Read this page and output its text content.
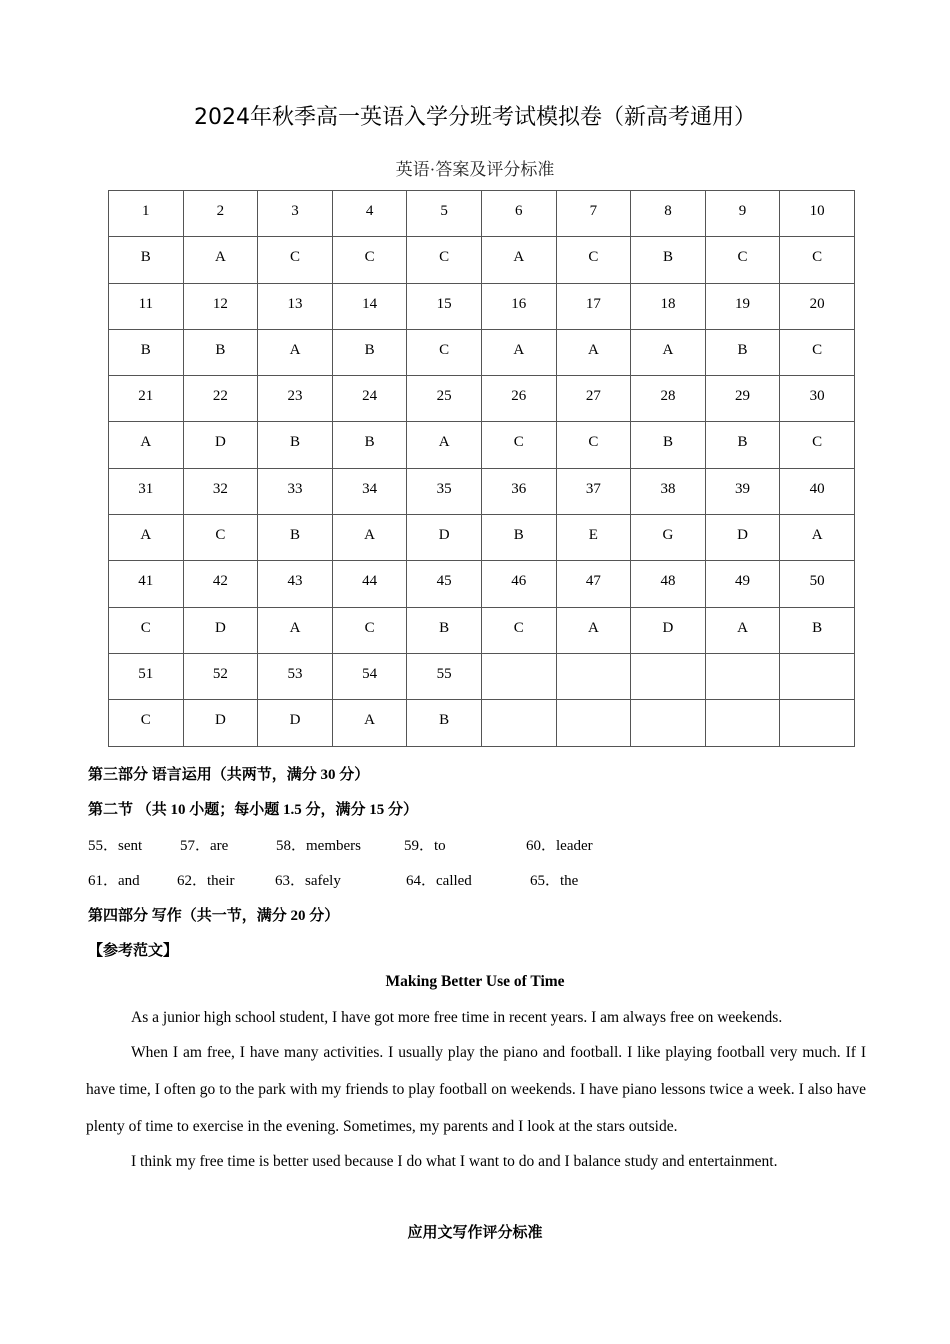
2024年秋季高一英语入学分班考试模拟卷（新高考通用）
英语·答案及评分标准
1	2	3	4	5	6	7	8	9	10
B	A	C	C	C	A	C	B	C	C
11	12	13	14	15	16	17	18	19	20
B	B	A	B	C	A	A	A	B	C
21	22	23	24	25	26	27	28	29	30
A	D	B	B	A	C	C	B	B	C
31	32	33	34	35	36	37	38	39	40
A	C	B	A	D	B	E	G	D	A
41	42	43	44	45	46	47	48	49	50
C	D	A	C	B	C	A	D	A	B
51	52	53	54	55					
C	D	D	A	B					
第三部分 语言运用（共两节，满分 30 分）
第二节 （共 10 小题；每小题 1.5 分，满分 15 分）
55．sent	57．are	58．members	59．to	60．leader
61．and 62．their	63．safely	64．called	65．the
第四部分 写作（共一节，满分 20 分）
【参考范文】
Making Better Use of Time
As a junior high school student, I have got more free time in recent years. I am always free on weekends.
When I am free, I have many activities. I usually play the piano and football. I like playing football very much. If I have time, I often go to the park with my friends to play football on weekends. I have piano lessons twice a week. I also have plenty of time to exercise in the evening. Sometimes, my parents and I look at the stars outside.
I think my free time is better used because I do what I want to do and I balance study and entertainment.
应用文写作评分标准
